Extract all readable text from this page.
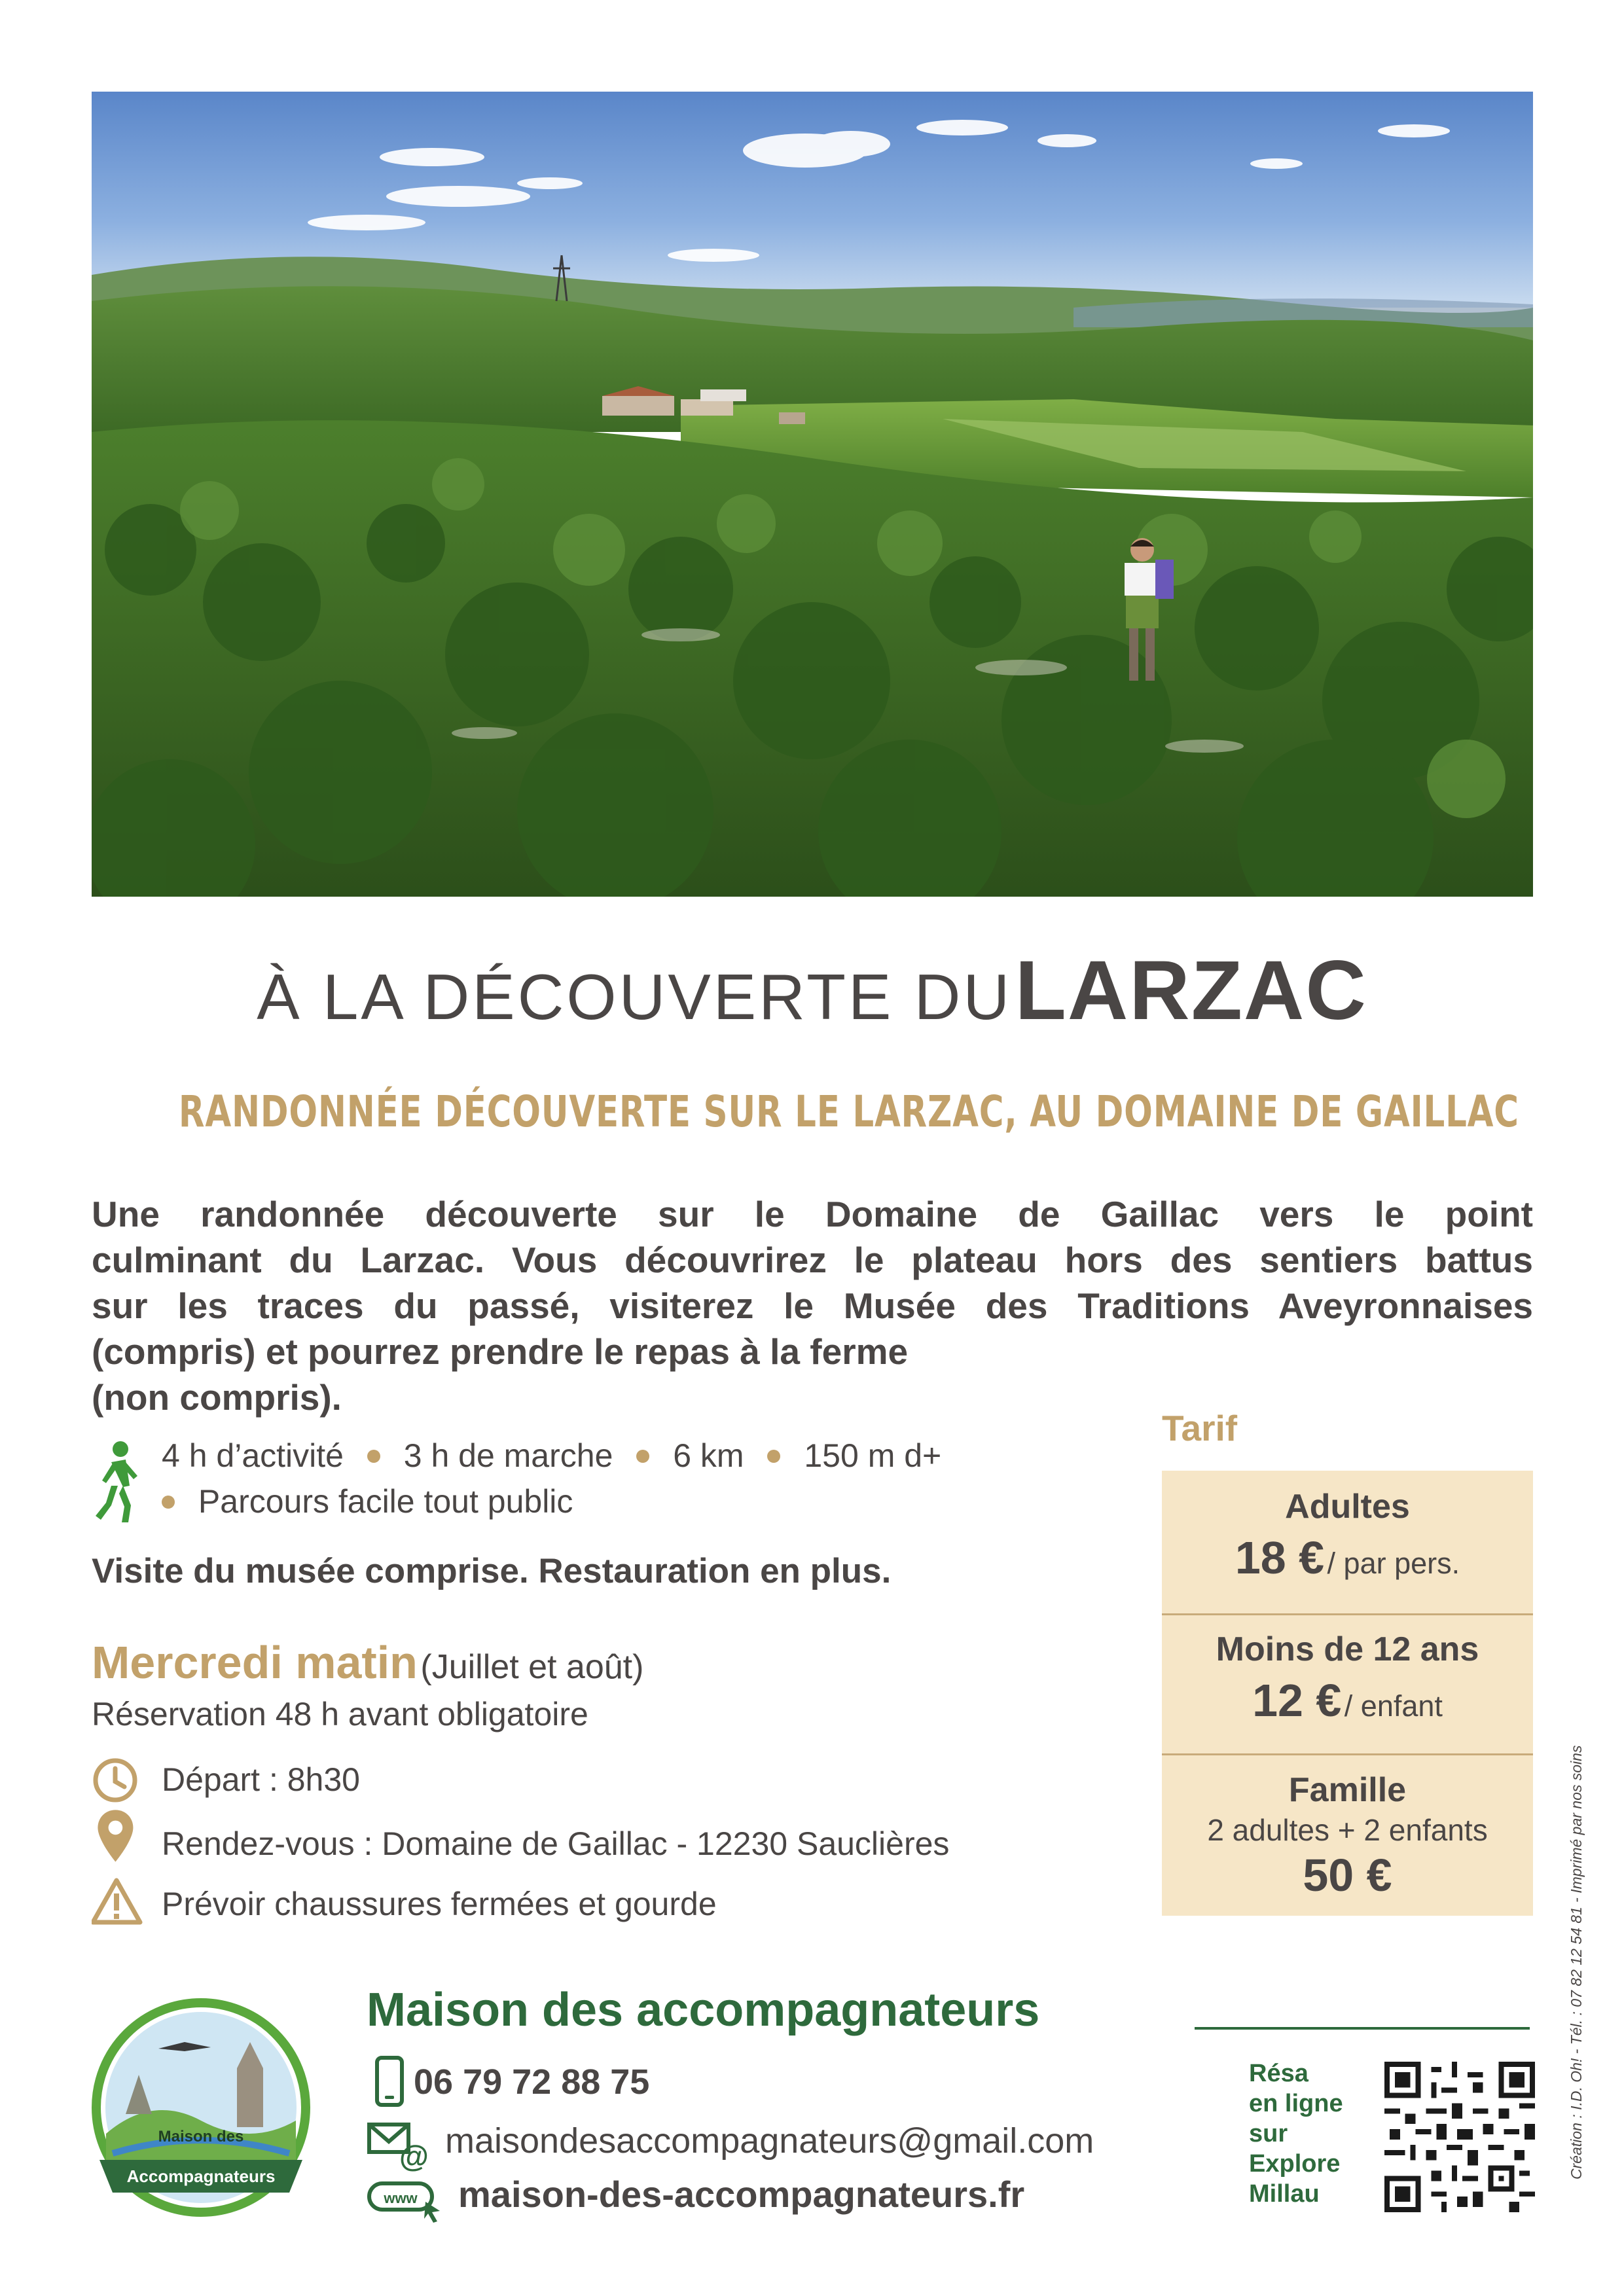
À LA DÉCOUVERTE DU LARZAC
RANDONNÉE DÉCOUVERTE SUR LE LARZAC, AU DOMAINE DE GAILLAC

Une randonnée découverte sur le Domaine de Gaillac vers le point

culminant du Larzac. Vous découvrirez le plateau hors des sentiers battus

sur les traces du passé, visiterez le Musée des Traditions Aveyronnaises

(compris) et pourrez prendre le repas à la ferme

(non compris).

4 h d’activité 3 h de marche 6 km 150 m d+
Parcours facile tout public
Visite du musée comprise. Restauration en plus.
Mercredi matin (Juillet et août)
Réservation 48 h avant obligatoire
Départ : 8h30
Rendez-vous : Domaine de Gaillac - 12230 Sauclières
Prévoir chaussures fermées et gourde
Tarif
Adultes
18 € / par pers.
Moins de 12 ans
12 € / enfant
Famille
2 adultes + 2 enfants
50 €	Création : I.D. Oh! - Tél. : 07 82 12 54 81 - Imprimé par nos soins
Maison des
Accompagnateurs
Maison des accompagnateurs
06 79 72 88 75
@ maisondesaccompagnateurs@gmail.com
www maison-des-accompagnateurs.fr
Résa
en ligne
sur
Explore
Millau
